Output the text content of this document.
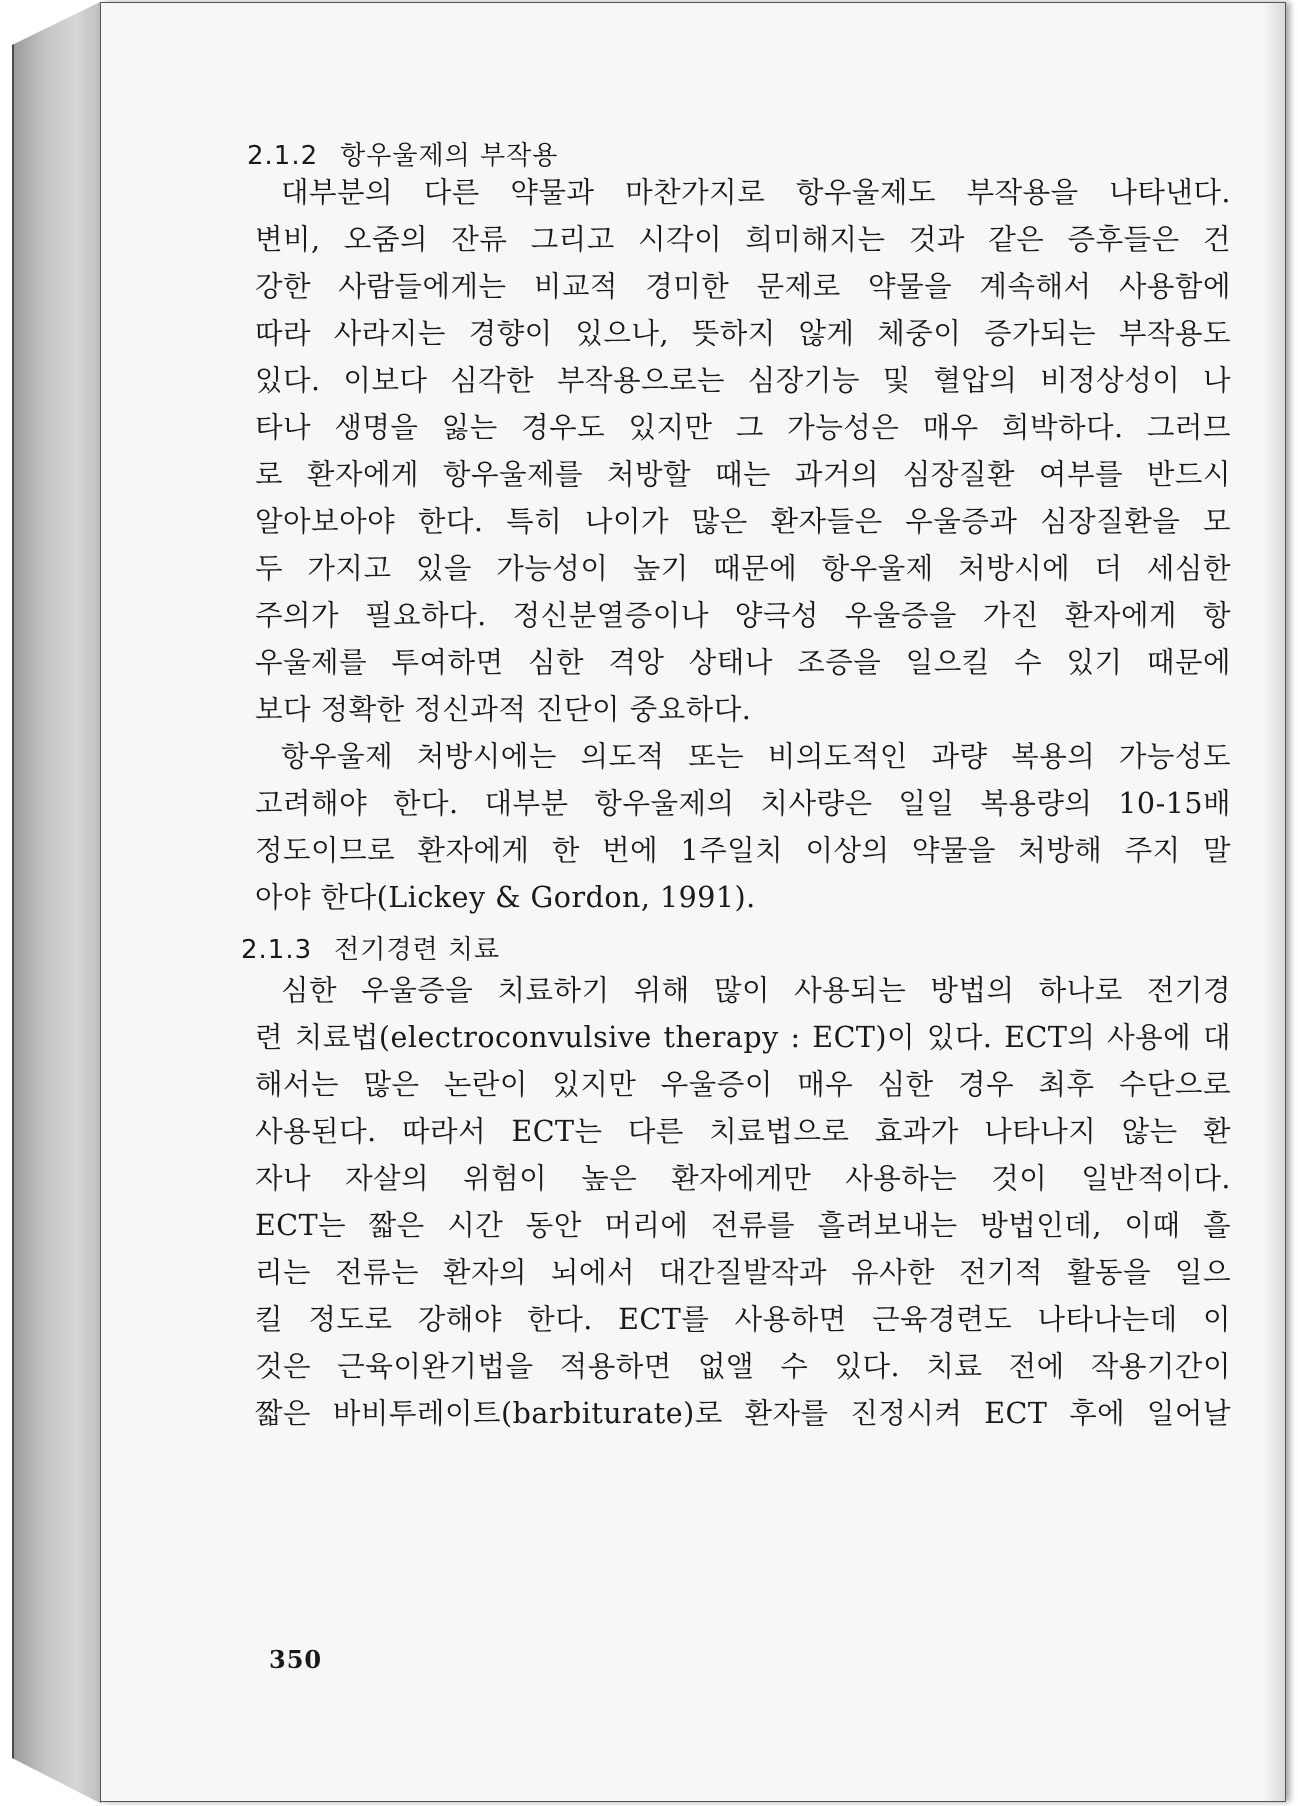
2.1.2 항우울제의 부작용
대부분의 다른 약물과 마찬가지로 항우울제도 부작용을 나타낸다.
변비, 오줌의 잔류 그리고 시각이 희미해지는 것과 같은 증후들은 건
강한 사람들에게는 비교적 경미한 문제로 약물을 계속해서 사용함에
따라 사라지는 경향이 있으나, 뜻하지 않게 체중이 증가되는 부작용도
있다. 이보다 심각한 부작용으로는 심장기능 및 혈압의 비정상성이 나
타나 생명을 잃는 경우도 있지만 그 가능성은 매우 희박하다. 그러므
로 환자에게 항우울제를 처방할 때는 과거의 심장질환 여부를 반드시
알아보아야 한다. 특히 나이가 많은 환자들은 우울증과 심장질환을 모
두 가지고 있을 가능성이 높기 때문에 항우울제 처방시에 더 세심한
주의가 필요하다. 정신분열증이나 양극성 우울증을 가진 환자에게 항
우울제를 투여하면 심한 격앙 상태나 조증을 일으킬 수 있기 때문에
보다 정확한 정신과적 진단이 중요하다.
항우울제 처방시에는 의도적 또는 비의도적인 과량 복용의 가능성도
고려해야 한다. 대부분 항우울제의 치사량은 일일 복용량의 10-15배
정도이므로 환자에게 한 번에 1주일치 이상의 약물을 처방해 주지 말
아야 한다(Lickey & Gordon, 1991).
2.1.3 전기경련 치료
심한 우울증을 치료하기 위해 많이 사용되는 방법의 하나로 전기경
련 치료법(electroconvulsive therapy : ECT)이 있다. ECT의 사용에 대
해서는 많은 논란이 있지만 우울증이 매우 심한 경우 최후 수단으로
사용된다. 따라서 ECT는 다른 치료법으로 효과가 나타나지 않는 환
자나 자살의 위험이 높은 환자에게만 사용하는 것이 일반적이다.
ECT는 짧은 시간 동안 머리에 전류를 흘려보내는 방법인데, 이때 흘
리는 전류는 환자의 뇌에서 대간질발작과 유사한 전기적 활동을 일으
킬 정도로 강해야 한다. ECT를 사용하면 근육경련도 나타나는데 이
것은 근육이완기법을 적용하면 없앨 수 있다. 치료 전에 작용기간이
짧은 바비투레이트(barbiturate)로 환자를 진정시켜 ECT 후에 일어날
350
